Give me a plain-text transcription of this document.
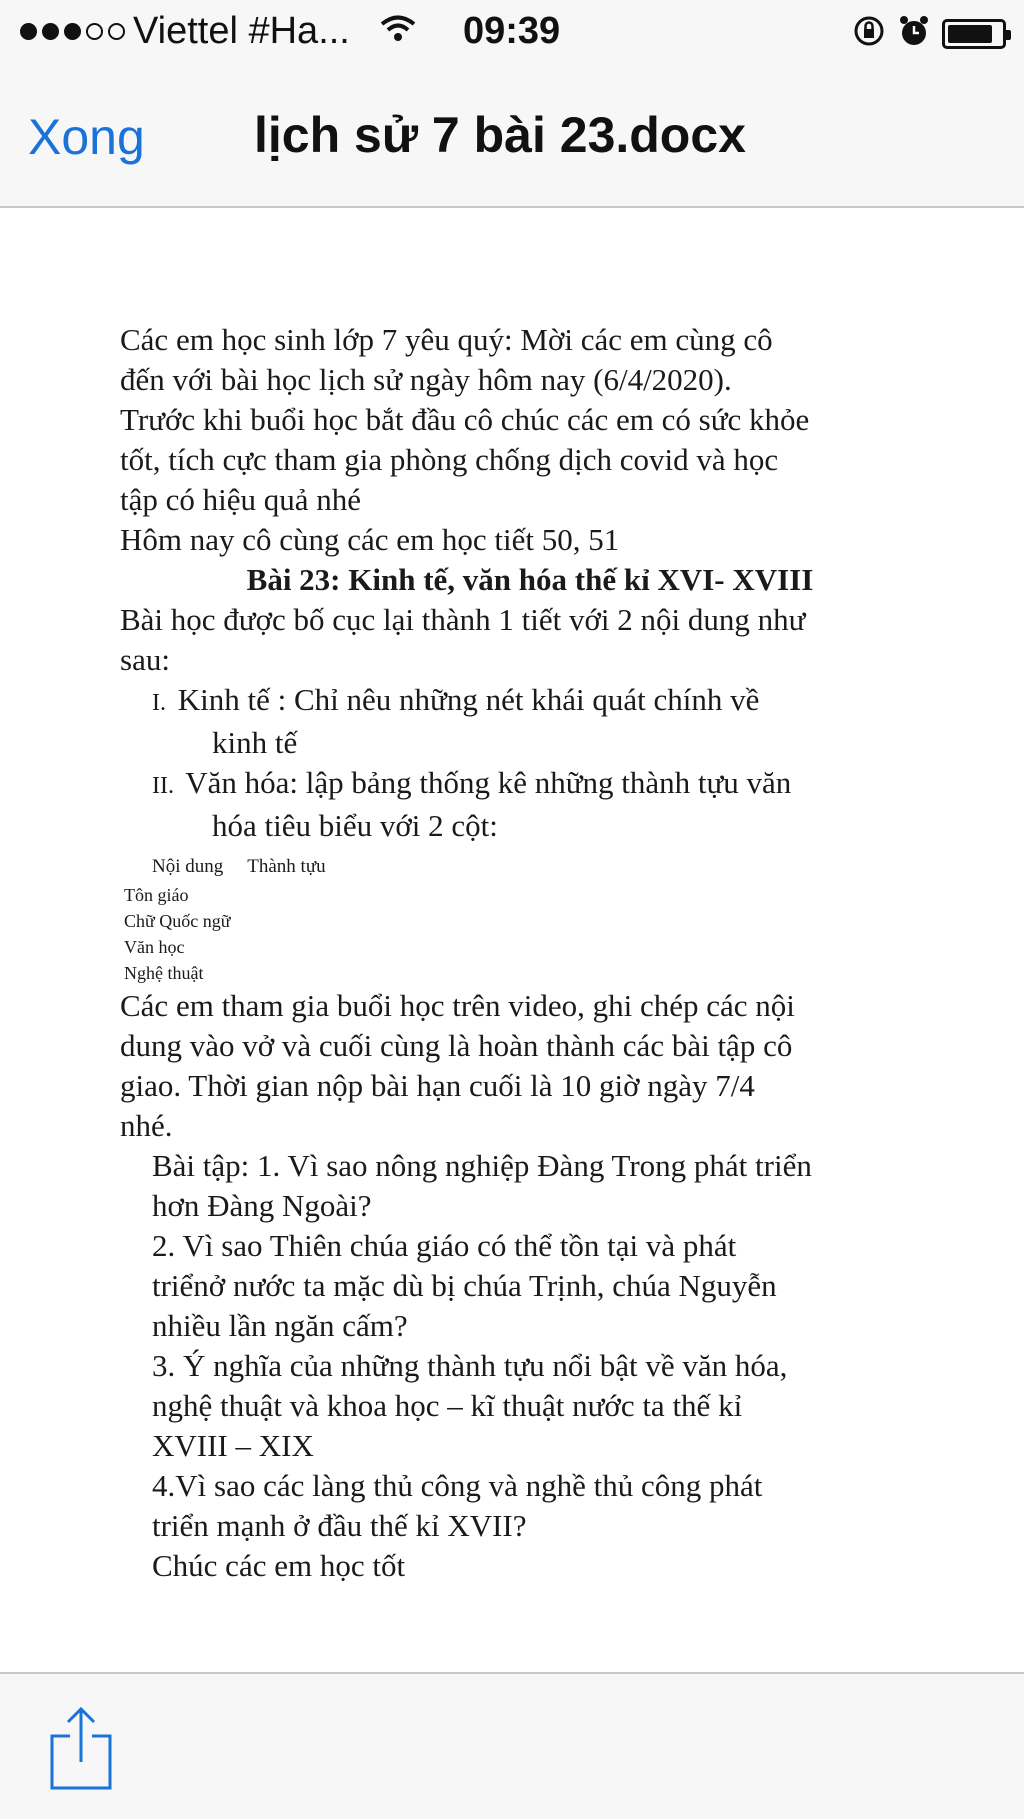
Viettel #Ha...	09:39
Xong lịch sử 7 bài 23.docx

Các em học sinh lớp 7 yêu quý: Mời các em cùng cô

đến với bài học lịch sử ngày hôm nay (6/4/2020).

Trước khi buổi học bắt đầu cô chúc các em có sức khỏe

tốt, tích cực tham gia phòng chống dịch covid và học

tập có hiệu quả nhé

Hôm nay cô cùng các em học tiết 50, 51

Bài 23: Kinh tế, văn hóa thế kỉ XVI- XVIII

Bài học được bố cục lại thành 1 tiết với 2 nội dung như

sau:

I. Kinh tế : Chỉ nêu những nét khái quát chính về

kinh tế

II. Văn hóa: lập bảng thống kê những thành tựu văn

hóa tiêu biểu với 2 cột:

Nội dung Thành tựu
Tôn giáo
Chữ Quốc ngữ
Văn học
Nghệ thuật

Các em tham gia buổi học trên video, ghi chép các nội

dung vào vở và cuối cùng là hoàn thành các bài tập cô

giao. Thời gian nộp bài hạn cuối là 10 giờ ngày 7/4

nhé.

Bài tập: 1. Vì sao nông nghiệp Đàng Trong phát triển

hơn Đàng Ngoài?

2. Vì sao Thiên chúa giáo có thể tồn tại và phát

triểnở nước ta mặc dù bị chúa Trịnh, chúa Nguyễn

nhiều lần ngăn cấm?

3. Ý nghĩa của những thành tựu nổi bật về văn hóa,

nghệ thuật và khoa học – kĩ thuật nước ta thế kỉ

XVIII – XIX

4.Vì sao các làng thủ công và nghề thủ công phát

triển mạnh ở đầu thế kỉ XVII?

Chúc các em học tốt
